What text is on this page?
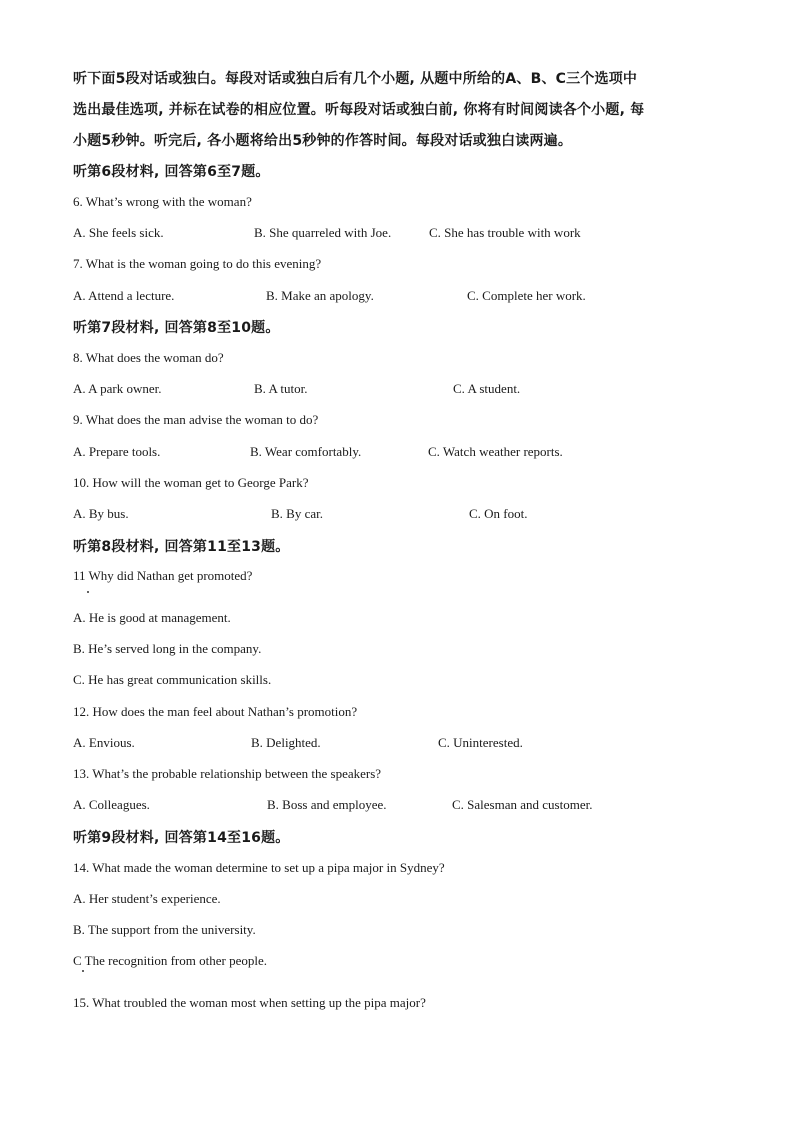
听下面5段对话或独白。每段对话或独白后有几个小题, 从题中所给的A、B、C三个选项中
选出最佳选项, 并标在试卷的相应位置。听每段对话或独白前, 你将有时间阅读各个小题, 每
小题5秒钟。听完后, 各小题将给出5秒钟的作答时间。每段对话或独白读两遍。
听第6段材料, 回答第6至7题。
6. What’s wrong with the woman?
A. She feels sick.	B. She quarreled with Joe.	C. She has trouble with work
7. What is the woman going to do this evening?
A. Attend a lecture.	B. Make an apology.	C. Complete her work.
听第7段材料, 回答第8至10题。
8. What does the woman do?
A. A park owner.	B. A tutor.	C. A student.
9. What does the man advise the woman to do?
A. Prepare tools.	B. Wear comfortably.	C. Watch weather reports.
10. How will the woman get to George Park?
A. By bus.	B. By car.	C. On foot.
听第8段材料, 回答第11至13题。
11 Why did Nathan get promoted?
A. He is good at management.
B. He’s served long in the company.
C. He has great communication skills.
12. How does the man feel about Nathan’s promotion?
A. Envious.	B. Delighted.	C. Uninterested.
13. What’s the probable relationship between the speakers?
A. Colleagues.	B. Boss and employee.	C. Salesman and customer.
听第9段材料, 回答第14至16题。
14. What made the woman determine to set up a pipa major in Sydney?
A. Her student’s experience.
B. The support from the university.
C The recognition from other people.
15. What troubled the woman most when setting up the pipa major?
